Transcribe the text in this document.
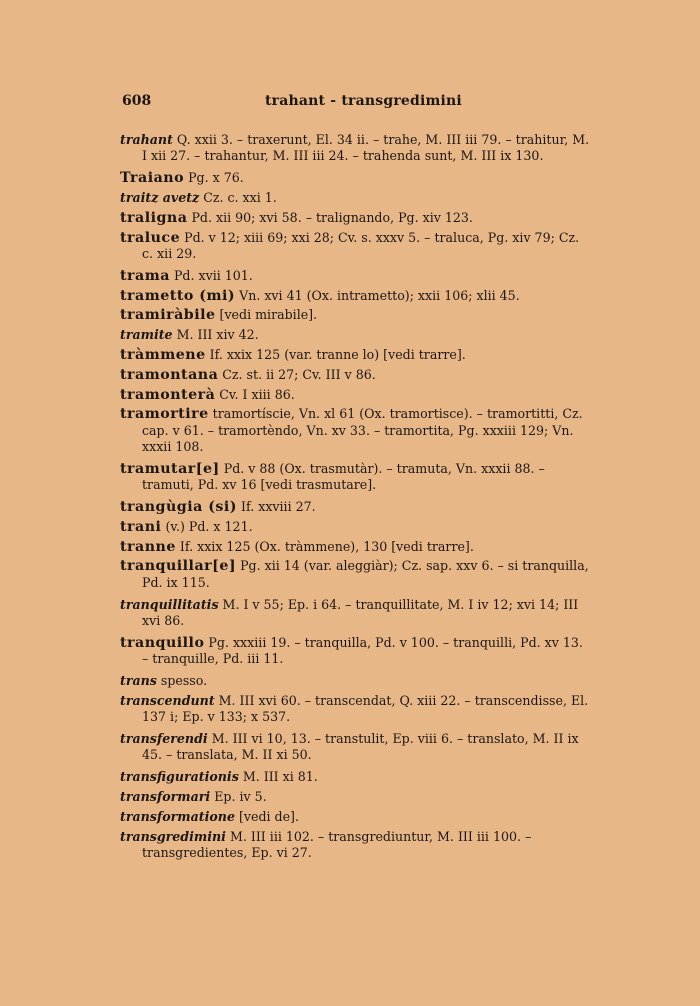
608	trahant - transgredimini

trahant Q. xxii 3. – traxerunt, El. 34 ii. – trahe, M. III iii 79. – trahitur, M. I xii 27. – trahantur, M. III iii 24. – trahenda sunt, M. III ix 130.

Traiano Pg. x 76.

traitz avetz Cz. c. xxi 1.

traligna Pd. xii 90; xvi 58. – tralignando, Pg. xiv 123.

traluce Pd. v 12; xiii 69; xxi 28; Cv. s. xxxv 5. – traluca, Pg. xiv 79; Cz. c. xii 29.

trama Pd. xvii 101.

trametto (mi) Vn. xvi 41 (Ox. intrametto); xxii 106; xlii 45.

tramiràbile [vedi mirabile].

tramite M. III xiv 42.

tràmmene If. xxix 125 (var. tranne lo) [vedi trarre].

tramontana Cz. st. ii 27; Cv. III v 86.

tramonterà Cv. I xiii 86.

tramortire tramortíscie, Vn. xl 61 (Ox. tramortisce). – tramortitti, Cz. cap. v 61. – tramortèndo, Vn. xv 33. – tramortita, Pg. xxxiii 129; Vn. xxxii 108.

tramutar[e] Pd. v 88 (Ox. trasmutàr). – tramuta, Vn. xxxii 88. – tramuti, Pd. xv 16 [vedi trasmutare].

trangùgia (si) If. xxviii 27.

trani (v.) Pd. x 121.

tranne If. xxix 125 (Ox. tràmmene), 130 [vedi trarre].

tranquillar[e] Pg. xii 14 (var. aleggiàr); Cz. sap. xxv 6. – si tranquilla, Pd. ix 115.

tranquillitatis M. I v 55; Ep. i 64. – tranquillitate, M. I iv 12; xvi 14; III xvi 86.

tranquillo Pg. xxxiii 19. – tranquilla, Pd. v 100. – tranquilli, Pd. xv 13. – tranquille, Pd. iii 11.

trans spesso.

transcendunt M. III xvi 60. – transcendat, Q. xiii 22. – transcendisse, El. 137 i; Ep. v 133; x 537.

transferendi M. III vi 10, 13. – transtulit, Ep. viii 6. – translato, M. II ix 45. – translata, M. II xi 50.

transfigurationis M. III xi 81.

transformari Ep. iv 5.

transformatione [vedi de].

transgredimini M. III iii 102. – transgrediuntur, M. III iii 100. – transgredientes, Ep. vi 27.
